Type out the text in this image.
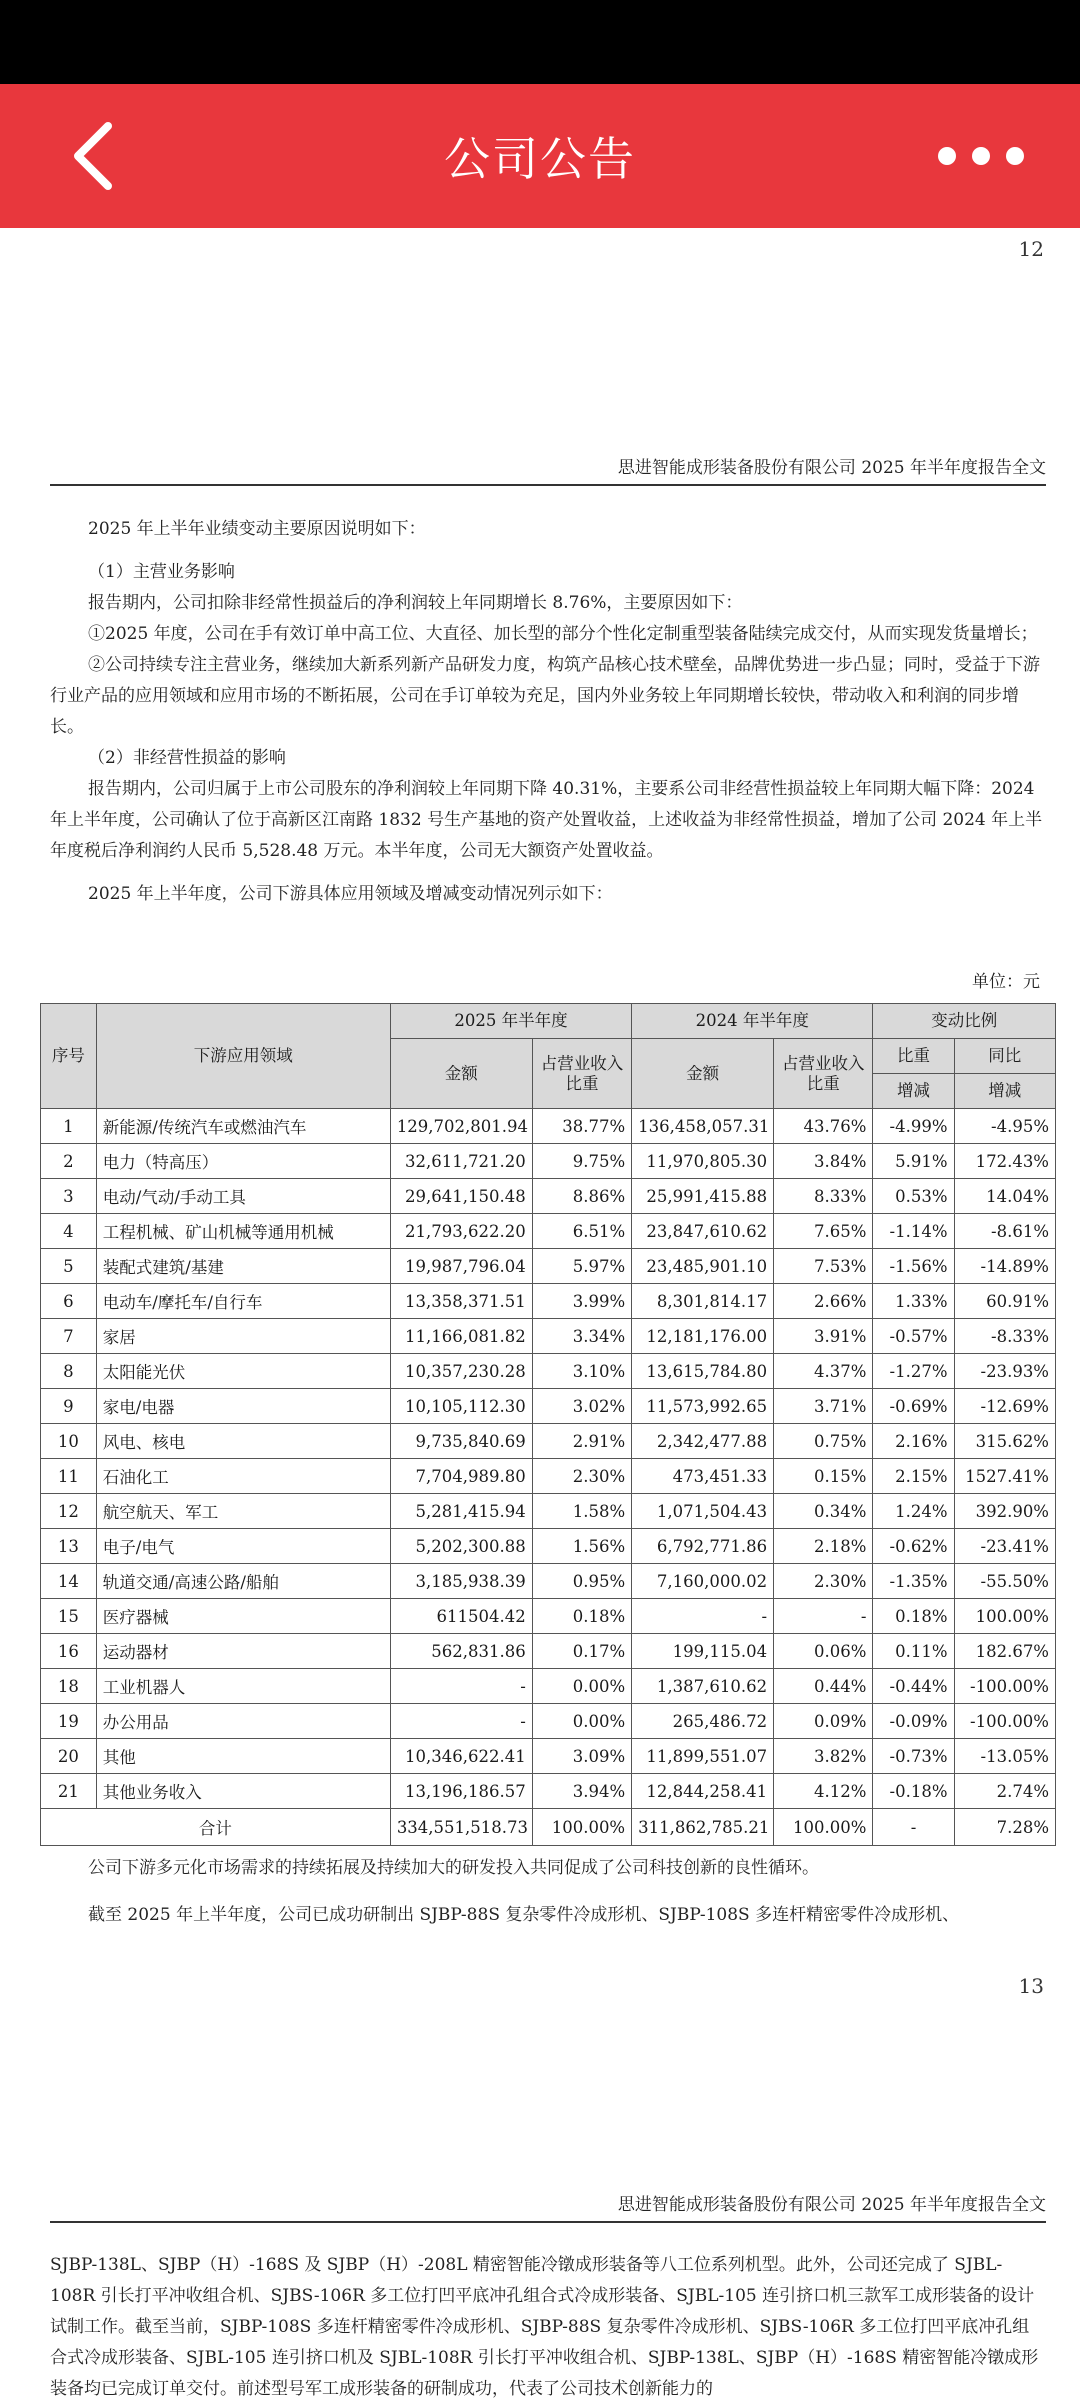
公司公告
12
思进智能成形装备股份有限公司 2025 年半年度报告全文

2025 年上半年业绩变动主要原因说明如下：

（1）主营业务影响

报告期内，公司扣除非经常性损益后的净利润较上年同期增长 8.76%，主要原因如下：

①2025 年度，公司在手有效订单中高工位、大直径、加长型的部分个性化定制重型装备陆续完成交付，从而实现发货量增长；

②公司持续专注主营业务，继续加大新系列新产品研发力度，构筑产品核心技术壁垒，品牌优势进一步凸显；同时，受益于下游行业产品的应用领域和应用市场的不断拓展，公司在手订单较为充足，国内外业务较上年同期增长较快，带动收入和利润的同步增长。

（2）非经营性损益的影响

报告期内，公司归属于上市公司股东的净利润较上年同期下降 40.31%，主要系公司非经营性损益较上年同期大幅下降：2024 年上半年度，公司确认了位于高新区江南路 1832 号生产基地的资产处置收益，上述收益为非经常性损益，增加了公司 2024 年上半年度税后净利润约人民币 5,528.48 万元。本半年度，公司无大额资产处置收益。

2025 年上半年度，公司下游具体应用领域及增减变动情况列示如下：

单位：元
序号	下游应用领域	2025 年半年度		2024 年半年度		变动比例	
		金额	占营业收入比重	金额	占营业收入比重	比重	同比
						增减	增减
1	新能源/传统汽车或燃油汽车	129,702,801.94	38.77%	136,458,057.31	43.76%	-4.99%	-4.95%
2	电力（特高压）	32,611,721.20	9.75%	11,970,805.30	3.84%	5.91%	172.43%
3	电动/气动/手动工具	29,641,150.48	8.86%	25,991,415.88	8.33%	0.53%	14.04%
4	工程机械、矿山机械等通用机械	21,793,622.20	6.51%	23,847,610.62	7.65%	-1.14%	-8.61%
5	装配式建筑/基建	19,987,796.04	5.97%	23,485,901.10	7.53%	-1.56%	-14.89%
6	电动车/摩托车/自行车	13,358,371.51	3.99%	8,301,814.17	2.66%	1.33%	60.91%
7	家居	11,166,081.82	3.34%	12,181,176.00	3.91%	-0.57%	-8.33%
8	太阳能光伏	10,357,230.28	3.10%	13,615,784.80	4.37%	-1.27%	-23.93%
9	家电/电器	10,105,112.30	3.02%	11,573,992.65	3.71%	-0.69%	-12.69%
10	风电、核电	9,735,840.69	2.91%	2,342,477.88	0.75%	2.16%	315.62%
11	石油化工	7,704,989.80	2.30%	473,451.33	0.15%	2.15%	1527.41%
12	航空航天、军工	5,281,415.94	1.58%	1,071,504.43	0.34%	1.24%	392.90%
13	电子/电气	5,202,300.88	1.56%	6,792,771.86	2.18%	-0.62%	-23.41%
14	轨道交通/高速公路/船舶	3,185,938.39	0.95%	7,160,000.02	2.30%	-1.35%	-55.50%
15	医疗器械	611504.42	0.18%	-	-	0.18%	100.00%
16	运动器材	562,831.86	0.17%	199,115.04	0.06%	0.11%	182.67%
18	工业机器人	-	0.00%	1,387,610.62	0.44%	-0.44%	-100.00%
19	办公用品	-	0.00%	265,486.72	0.09%	-0.09%	-100.00%
20	其他	10,346,622.41	3.09%	11,899,551.07	3.82%	-0.73%	-13.05%
21	其他业务收入	13,196,186.57	3.94%	12,844,258.41	4.12%	-0.18%	2.74%
合计		334,551,518.73	100.00%	311,862,785.21	100.00%	-	7.28%

公司下游多元化市场需求的持续拓展及持续加大的研发投入共同促成了公司科技创新的良性循环。

截至 2025 年上半年度，公司已成功研制出 SJBP-88S 复杂零件冷成形机、SJBP-108S 多连杆精密零件冷成形机、

13
思进智能成形装备股份有限公司 2025 年半年度报告全文

SJBP-138L、SJBP（H）-168S 及 SJBP（H）-208L 精密智能冷镦成形装备等八工位系列机型。此外，公司还完成了 SJBL-108R 引长打平冲收组合机、SJBS-106R 多工位打凹平底冲孔组合式冷成形装备、SJBL-105 连引挤口机三款军工成形装备的设计试制工作。截至当前，SJBP-108S 多连杆精密零件冷成形机、SJBP-88S 复杂零件冷成形机、SJBS-106R 多工位打凹平底冲孔组合式冷成形装备、SJBL-105 连引挤口机及 SJBL-108R 引长打平冲收组合机、SJBP-138L、SJBP（H）-168S 精密智能冷镦成形装备均已完成订单交付。前述型号军工成形装备的研制成功，代表了公司技术创新能力的
